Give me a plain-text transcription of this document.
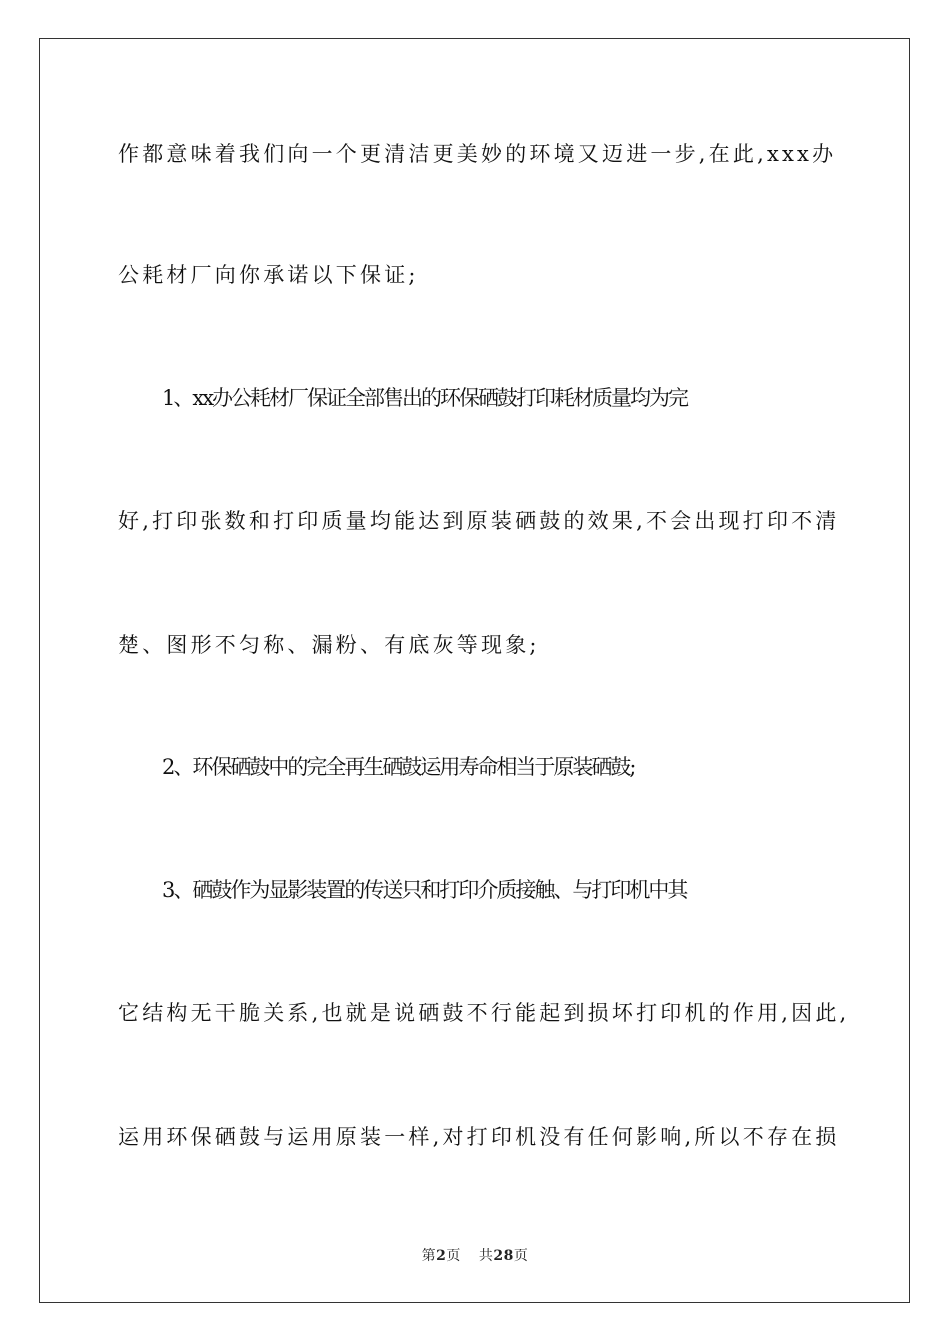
作都意味着我们向一个更清洁更美妙的环境又迈进一步,在此,xxx办
公耗材厂向你承诺以下保证;
1、xx办公耗材厂保证全部售出的环保硒鼓打印耗材质量均为完
好,打印张数和打印质量均能达到原装硒鼓的效果,不会出现打印不清
楚、图形不匀称、漏粉、有底灰等现象;
2、环保硒鼓中的完全再生硒鼓运用寿命相当于原装硒鼓;
3、硒鼓作为显影装置的传送只和打印介质接触、与打印机中其
它结构无干脆关系,也就是说硒鼓不行能起到损坏打印机的作用,因此,
运用环保硒鼓与运用原装一样,对打印机没有任何影响,所以不存在损
第2页 共28页
